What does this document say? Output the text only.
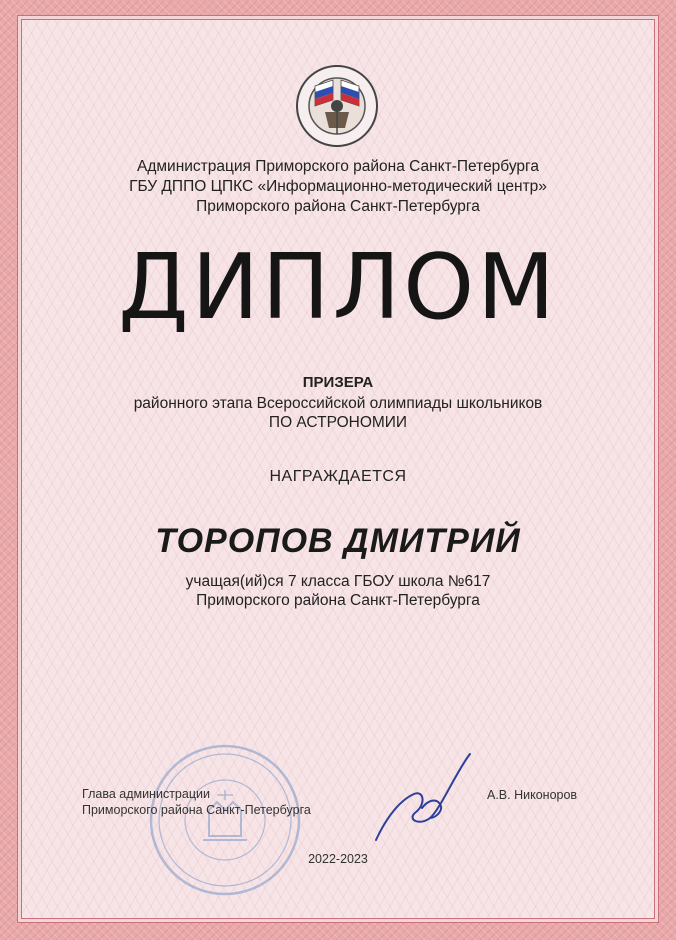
Администрация Приморского района Санкт-Петербурга
ГБУ ДППО ЦПКС «Информационно-методический центр»
Приморского района Санкт-Петербурга
ДИПЛОМ
ПРИЗЕРА
районного этапа Всероссийской олимпиады школьников
ПО АСТРОНОМИИ
НАГРАЖДАЕТСЯ
ТОРОПОВ ДМИТРИЙ
учащая(ий)ся 7 класса ГБОУ школа №617
Приморского района Санкт-Петербурга
Глава администрации
Приморского района Санкт-Петербурга
А.В. Никоноров
2022-2023
